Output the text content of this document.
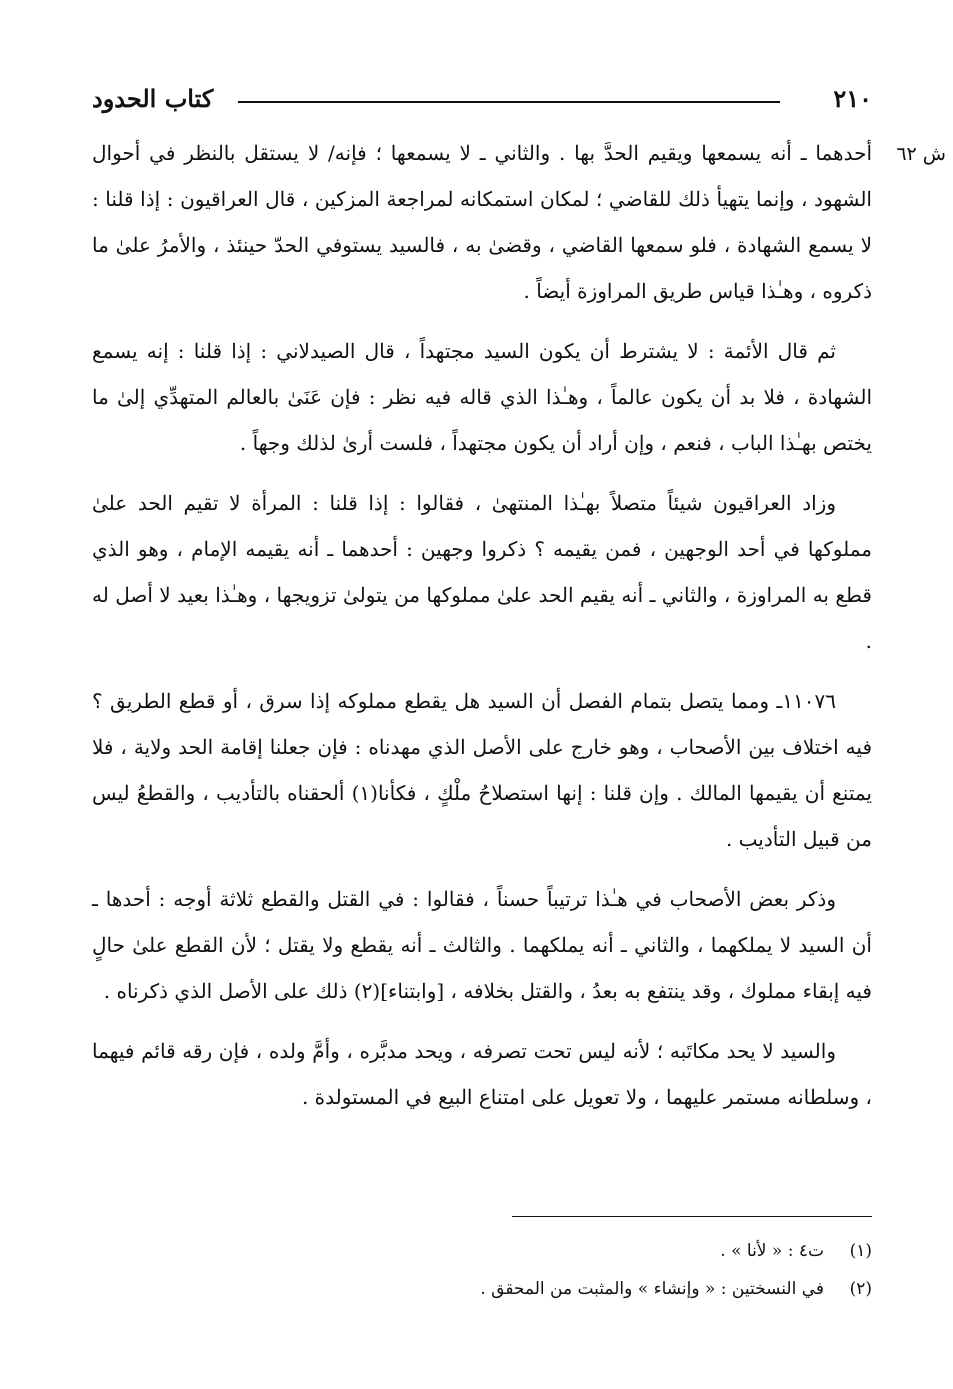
٢١٠
كتاب الحدود
ش ٦٢

أحدهما ـ أنه يسمعها ويقيم الحدَّ بها . والثاني ـ لا يسمعها ؛ فإنه/ لا يستقل بالنظر في أحوال الشهود ، وإنما يتهيأ ذلك للقاضي ؛ لمكان استمكانه لمراجعة المزكين ، قال العراقيون : إذا قلنا : لا يسمع الشهادة ، فلو سمعها القاضي ، وقضىٰ به ، فالسيد يستوفي الحدّ حينئذ ، والأمرُ علىٰ ما ذكروه ، وهـٰذا قياس طريق المراوزة أيضاً .

ثم قال الأئمة : لا يشترط أن يكون السيد مجتهداً ، قال الصيدلاني : إذا قلنا : إنه يسمع الشهادة ، فلا بد أن يكون عالماً ، وهـٰذا الذي قاله فيه نظر : فإن عَنَىٰ بالعالم المتهدِّي إلىٰ ما يختص بهـٰذا الباب ، فنعم ، وإن أراد أن يكون مجتهداً ، فلست أرىٰ لذلك وجهاً .

وزاد العراقيون شيئاً متصلاً بهـٰذا المنتهىٰ ، فقالوا : إذا قلنا : المرأة لا تقيم الحد علىٰ مملوكها في أحد الوجهين ، فمن يقيمه ؟ ذكروا وجهين : أحدهما ـ أنه يقيمه الإمام ، وهو الذي قطع به المراوزة ، والثاني ـ أنه يقيم الحد علىٰ مملوكها من يتولىٰ تزويجها ، وهـٰذا بعيد لا أصل له .

١١٠٧٦ـ ومما يتصل بتمام الفصل أن السيد هل يقطع مملوكه إذا سرق ، أو قطع الطريق ؟ فيه اختلاف بين الأصحاب ، وهو خارج على الأصل الذي مهدناه : فإن جعلنا إقامة الحد ولاية ، فلا يمتنع أن يقيمها المالك . وإن قلنا : إنها استصلاحُ ملْكٍ ، فكأنا(١) ألحقناه بالتأديب ، والقطعُ ليس من قبيل التأديب .

وذكر بعض الأصحاب في هـٰذا ترتيباً حسناً ، فقالوا : في القتل والقطع ثلاثة أوجه : أحدها ـ أن السيد لا يملكهما ، والثاني ـ أنه يملكهما . والثالث ـ أنه يقطع ولا يقتل ؛ لأن القطع علىٰ حالٍ فيه إبقاء مملوك ، وقد ينتفع به بعدُ ، والقتل بخلافه ، [وابتناء](٢) ذلك على الأصل الذي ذكرناه .

والسيد لا يحد مكاتَبه ؛ لأنه ليس تحت تصرفه ، ويحد مدبَّره ، وأمَّ ولده ، فإن رقه قائم فيهما ، وسلطانه مستمر عليهما ، ولا تعويل على امتناع البيع في المستولدة .

(١)
ت٤ : « لأنا » .
(٢)
في النسختين : « وإنشاء » والمثبت من المحقق .
